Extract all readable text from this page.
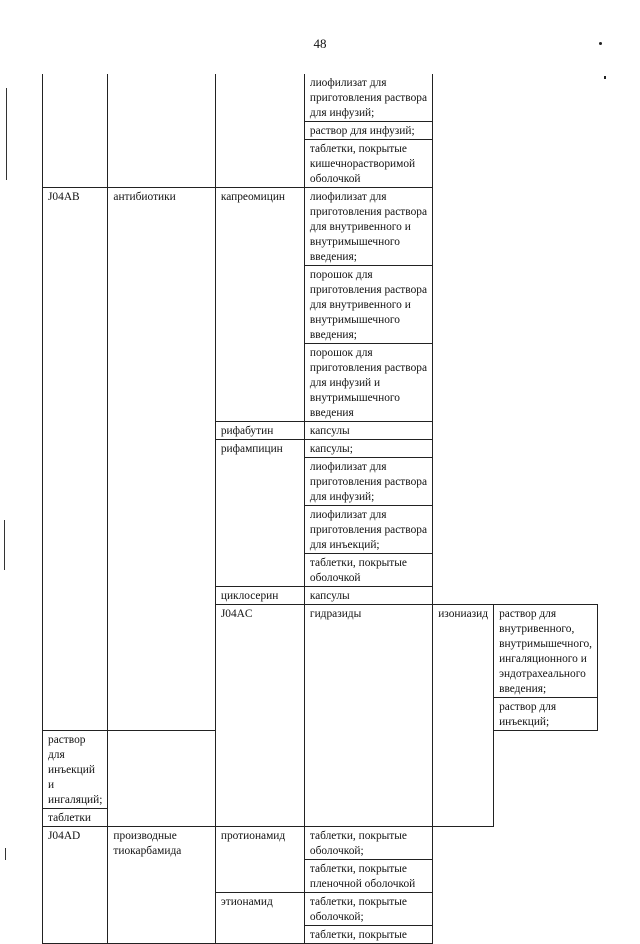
48
			лиофилизат для приготовления раствора для инфузий;		
			раствор для инфузий;		
			таблетки, покрытые кишечнорастворимой оболочкой		
J04AB	антибиотики	капреомицин	лиофилизат для приготовления раствора для внутривенного и внутримышечного введения;		
			порошок для приготовления раствора для внутривенного и внутримышечного введения;		
			порошок для приготовления раствора для инфузий и внутримышечного введения		
		рифабутин	капсулы		
		рифампицин	капсулы;		
			лиофилизат для приготовления раствора для инфузий;		
			лиофилизат для приготовления раствора для инъекций;		
			таблетки, покрытые оболочкой		
		циклосерин	капсулы		
		J04AC	гидразиды	изониазид	раствор для внутривенного, внутримышечного, ингаляционного и эндотрахеального введения;
					раствор для инъекций;
раствор для инъекций и ингаляций;					
таблетки					
J04AD	производные тиокарбамида	протионамид	таблетки, покрытые оболочкой;		
			таблетки, покрытые пленочной оболочкой		
		этионамид	таблетки, покрытые оболочкой;		
			таблетки, покрытые		
